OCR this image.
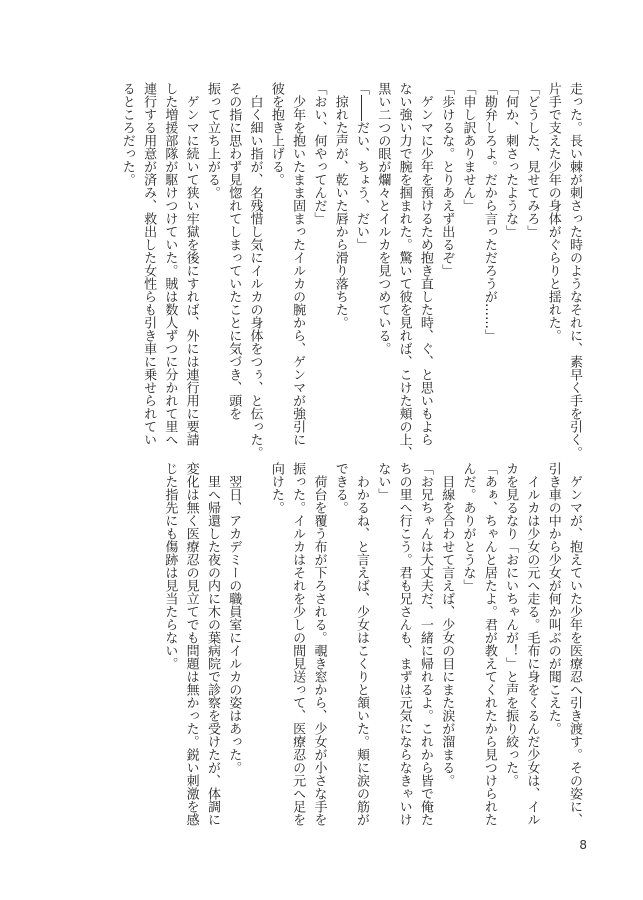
走った。長い棘が刺さった時のようなそれに、素早く手を引く。
片手で支えた少年の身体がぐらりと揺れた。
「どうした、見せてみろ」
「何か、刺さったような」
「勘弁しろよ。だから言っただろうが……」
「申し訳ありません」
「歩けるな。とりあえず出るぞ」
　ゲンマに少年を預けるため抱き直した時、ぐ、と思いもよら
ない強い力で腕を掴まれた。驚いて彼を見れば、こけた頬の上、
黒い二つの眼が爛々とイルカを見つめている。
「――だい、ちょう、だい」
　掠れた声が、乾いた唇から滑り落ちた。
「おい、何やってんだ」
　少年を抱いたまま固まったイルカの腕から、ゲンマが強引に
彼を抱き上げる。
　白く細い指が、名残惜し気にイルカの身体をつぅ、と伝った。
その指に思わず見惚れてしまっていたことに気づき、頭を
振って立ち上がる。
　ゲンマに続いて狭い牢獄を後にすれば、外には連行用に要請
した増援部隊が駆けつけていた。賊は数人ずつに分かれて里へ
連行する用意が済み、救出した女性らも引き車に乗せられてい
るところだった。
　ゲンマが、抱えていた少年を医療忍へ引き渡す。その姿に、
引き車の中から少女が何か叫ぶのが聞こえた。
　イルカは少女の元へ走る。毛布に身をくるんだ少女は、イル
カを見るなり「おにいちゃんが！」と声を振り絞った。
「あぁ、ちゃんと居たよ。君が教えてくれたから見つけられた
んだ。ありがとうな」
　目線を合わせて言えば、少女の目にまた涙が溜まる。
「お兄ちゃんは大丈夫だ、一緒に帰れるよ。これから皆で俺た
ちの里へ行こう。君も兄さんも、まずは元気にならなきゃいけ
ない」
　わかるね、と言えば、少女はこくりと頷いた。頬に涙の筋が
できる。
　荷台を覆う布が下ろされる。覗き窓から、少女が小さな手を
振った。イルカはそれを少しの間見送って、医療忍の元へ足を
向けた。

　翌日、アカデミーの職員室にイルカの姿はあった。
　里へ帰還した夜の内に木の葉病院で診察を受けたが、体調に
変化は無く医療忍の見立てでも問題は無かった。鋭い刺激を感
じた指先にも傷跡は見当たらない。
8
